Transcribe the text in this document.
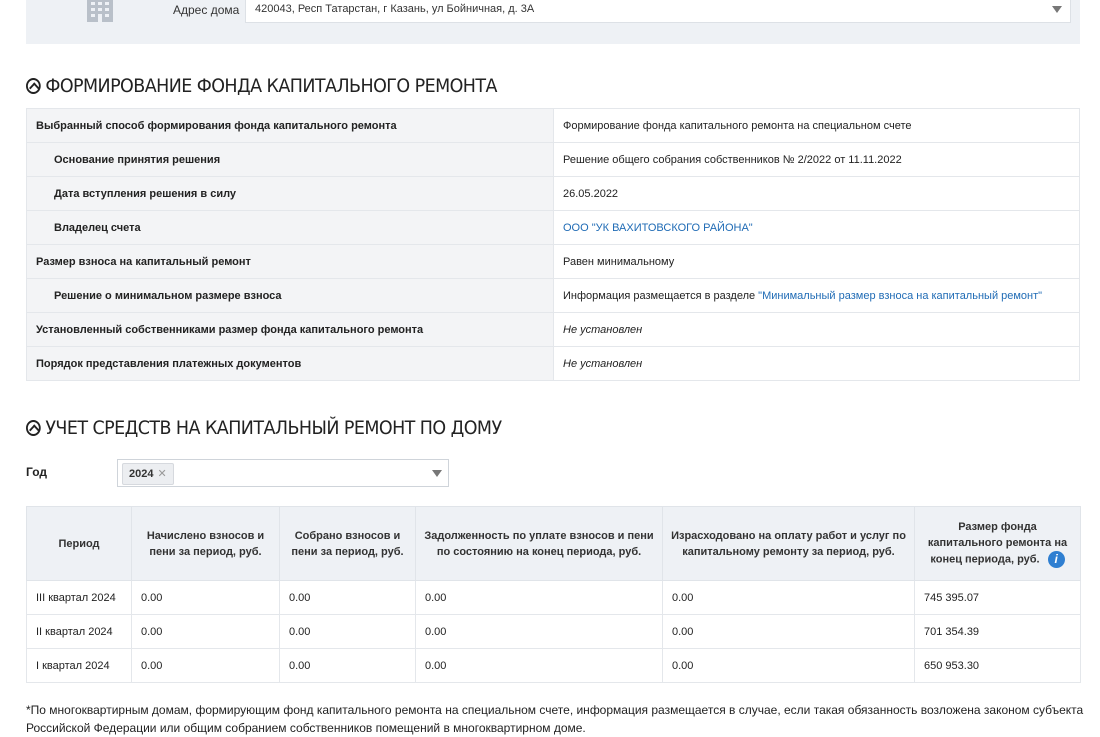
Адрес дома	420043, Респ Татарстан, г Казань, ул Бойничная, д. 3А
ФОРМИРОВАНИЕ ФОНДА КАПИТАЛЬНОГО РЕМОНТА
Выбранный способ формирования фонда капитального ремонта	Формирование фонда капитального ремонта на специальном счете
Основание принятия решения	Решение общего собрания собственников № 2/2022 от 11.11.2022
Дата вступления решения в силу	26.05.2022
Владелец счета	ООО "УК ВАХИТОВСКОГО РАЙОНА"
Размер взноса на капитальный ремонт	Равен минимальному
Решение о минимальном размере взноса	Информация размещается в разделе "Минимальный размер взноса на капитальный ремонт"
Установленный собственниками размер фонда капитального ремонта	Не установлен
Порядок представления платежных документов	Не установлен
УЧЕТ СРЕДСТВ НА КАПИТАЛЬНЫЙ РЕМОНТ ПО ДОМУ
Год	2024 ✕
Период	Начислено взносов и пени за период, руб.	Собрано взносов и пени за период, руб.	Задолженность по уплате взносов и пени по состоянию на конец периода, руб.	Израсходовано на оплату работ и услуг по капитальному ремонту за период, руб.	Размер фонда капитального ремонта на конец периода, руб. i
III квартал 2024	0.00	0.00	0.00	0.00	745 395.07
II квартал 2024	0.00	0.00	0.00	0.00	701 354.39
I квартал 2024	0.00	0.00	0.00	0.00	650 953.30
*По многоквартирным домам, формирующим фонд капитального ремонта на специальном счете, информация размещается в случае, если такая обязанность возложена законом субъекта Российской Федерации или общим собранием собственников помещений в многоквартирном доме.
